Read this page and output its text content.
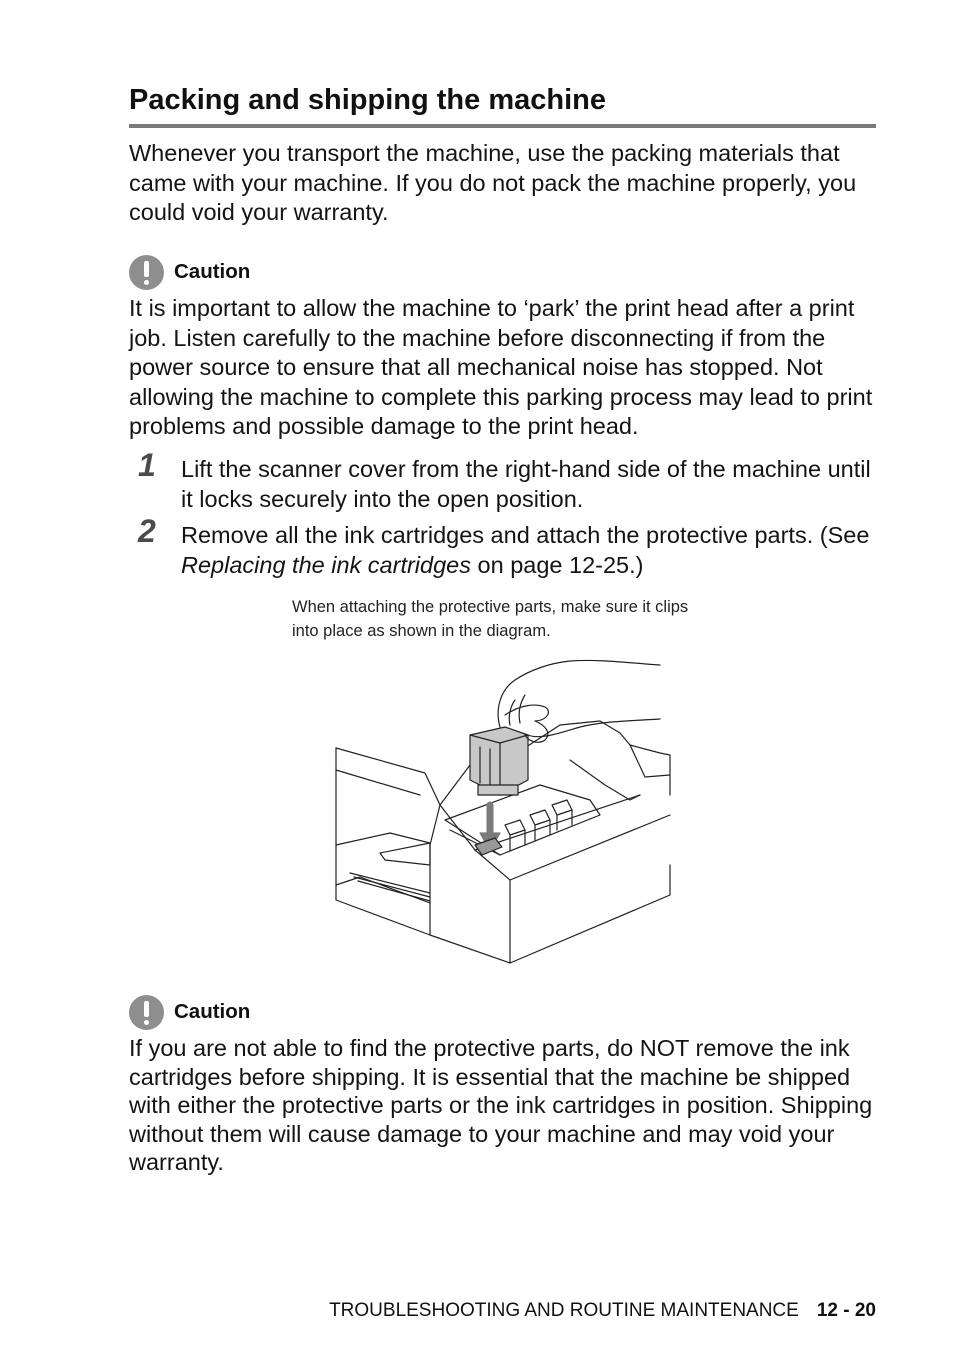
Packing and shipping the machine

Whenever you transport the machine, use the packing materials that came with your machine. If you do not pack the machine properly, you could void your warranty.

Caution

It is important to allow the machine to ‘park’ the print head after a print job. Listen carefully to the machine before disconnecting if from the power source to ensure that all mechanical noise has stopped. Not allowing the machine to complete this parking process may lead to print problems and possible damage to the print head.

1 Lift the scanner cover from the right-hand side of the machine until it locks securely into the open position.

2 Remove all the ink cartridges and attach the protective parts. (See Replacing the ink cartridges on page 12-25.)

When attaching the protective parts, make sure it clips into place as shown in the diagram.

Caution

If you are not able to find the protective parts, do NOT remove the ink cartridges before shipping. It is essential that the machine be shipped with either the protective parts or the ink cartridges in position. Shipping without them will cause damage to your machine and may void your warranty.

TROUBLESHOOTING AND ROUTINE MAINTENANCE 12 - 20
